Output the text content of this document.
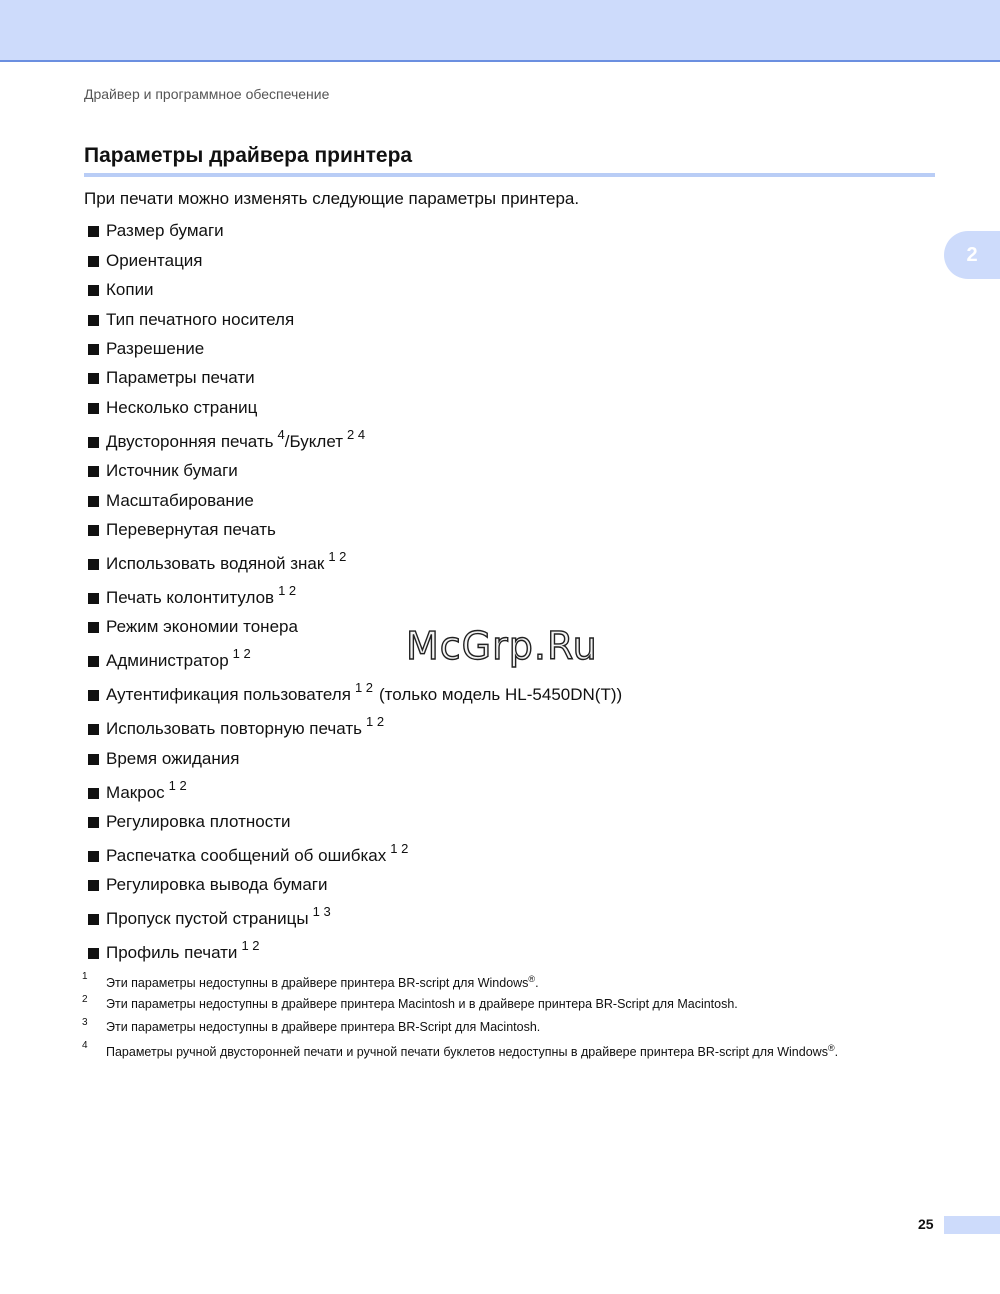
Драйвер и программное обеспечение
Параметры драйвера принтера
2
При печати можно изменять следующие параметры принтера.
Размер бумаги
Ориентация
Копии
Тип печатного носителя
Разрешение
Параметры печати
Несколько страниц
Двусторонняя печать $^4$ /Буклет $^{2 4}$
Источник бумаги
Масштабирование
Перевернутая печать
Использовать водяной знак $^{1 2}$
Печать колонтитулов $^{1 2}$
Режим экономии тонера
Администратор $^{1 2}$
Аутентификация пользователя $^{1 2}$ (только модель HL-5450DN(T))
Использовать повторную печать $^{1 2}$
Время ожидания
Макрос $^{1 2}$
Регулировка плотности
Распечатка сообщений об ошибках $^{1 2}$
Регулировка вывода бумаги
Пропуск пустой страницы $^{1 3}$
Профиль печати $^{1 2}$
McGrp.Ru
1 Эти параметры недоступны в драйвере принтера BR-script для Windows®.
2 Эти параметры недоступны в драйвере принтера Macintosh и в драйвере принтера BR-Script для Macintosh.
3 Эти параметры недоступны в драйвере принтера BR-Script для Macintosh.
4 Параметры ручной двусторонней печати и ручной печати буклетов недоступны в драйвере принтера BR-script для Windows®.
25
